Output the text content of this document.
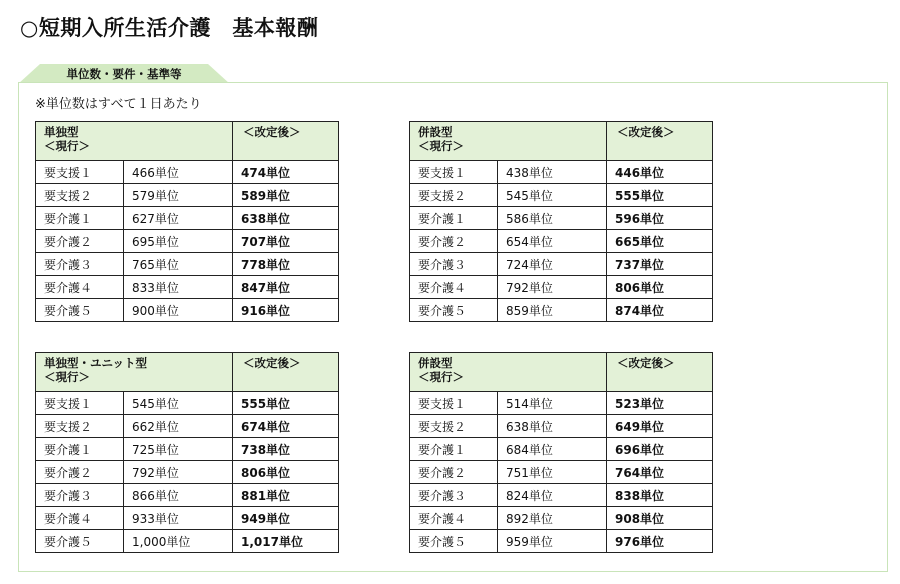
○短期入所生活介護　基本報酬
単位数・要件・基準等
※単位数はすべて１日あたり
単独型
＜現行＞		＜改定後＞
要支援１	466単位	474単位
要支援２	579単位	589単位
要介護１	627単位	638単位
要介護２	695単位	707単位
要介護３	765単位	778単位
要介護４	833単位	847単位
要介護５	900単位	916単位
併設型
＜現行＞		＜改定後＞
要支援１	438単位	446単位
要支援２	545単位	555単位
要介護１	586単位	596単位
要介護２	654単位	665単位
要介護３	724単位	737単位
要介護４	792単位	806単位
要介護５	859単位	874単位
単独型・ユニット型
＜現行＞		＜改定後＞
要支援１	545単位	555単位
要支援２	662単位	674単位
要介護１	725単位	738単位
要介護２	792単位	806単位
要介護３	866単位	881単位
要介護４	933単位	949単位
要介護５	1,000単位	1,017単位
併設型
＜現行＞		＜改定後＞
要支援１	514単位	523単位
要支援２	638単位	649単位
要介護１	684単位	696単位
要介護２	751単位	764単位
要介護３	824単位	838単位
要介護４	892単位	908単位
要介護５	959単位	976単位
